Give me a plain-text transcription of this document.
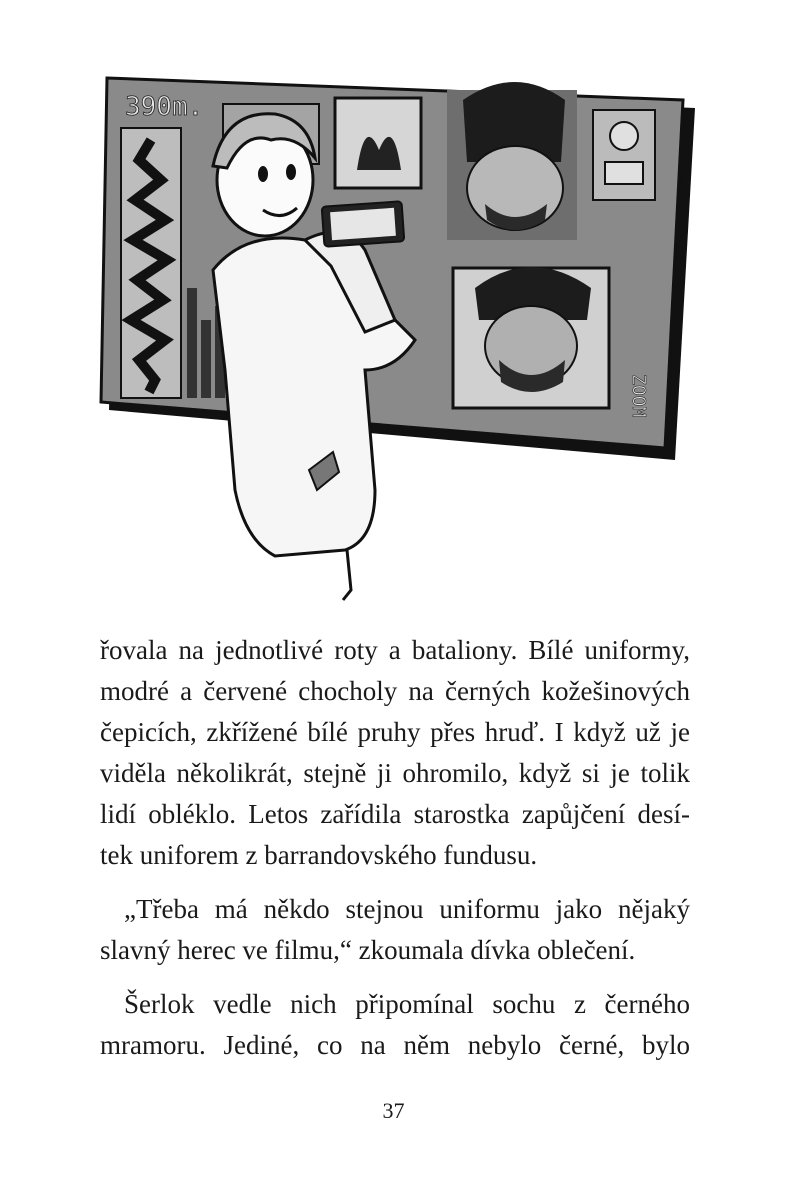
390m.
ZOOM
řovala na jednotlivé roty a bataliony. Bílé uniformy,
modré a červené chocholy na černých kožešinových
čepicích, zkřížené bílé pruhy přes hruď. I když už je
viděla několikrát, stejně ji ohromilo, když si je tolik
lidí obléklo. Letos zařídila starostka zapůjčení desí-
tek uniforem z barrandovského fundusu.
„Třeba má někdo stejnou uniformu jako nějaký
slavný herec ve filmu,“ zkoumala dívka oblečení.
Šerlok vedle nich připomínal sochu z černého
mramoru. Jediné, co na něm nebylo černé, bylo
37
